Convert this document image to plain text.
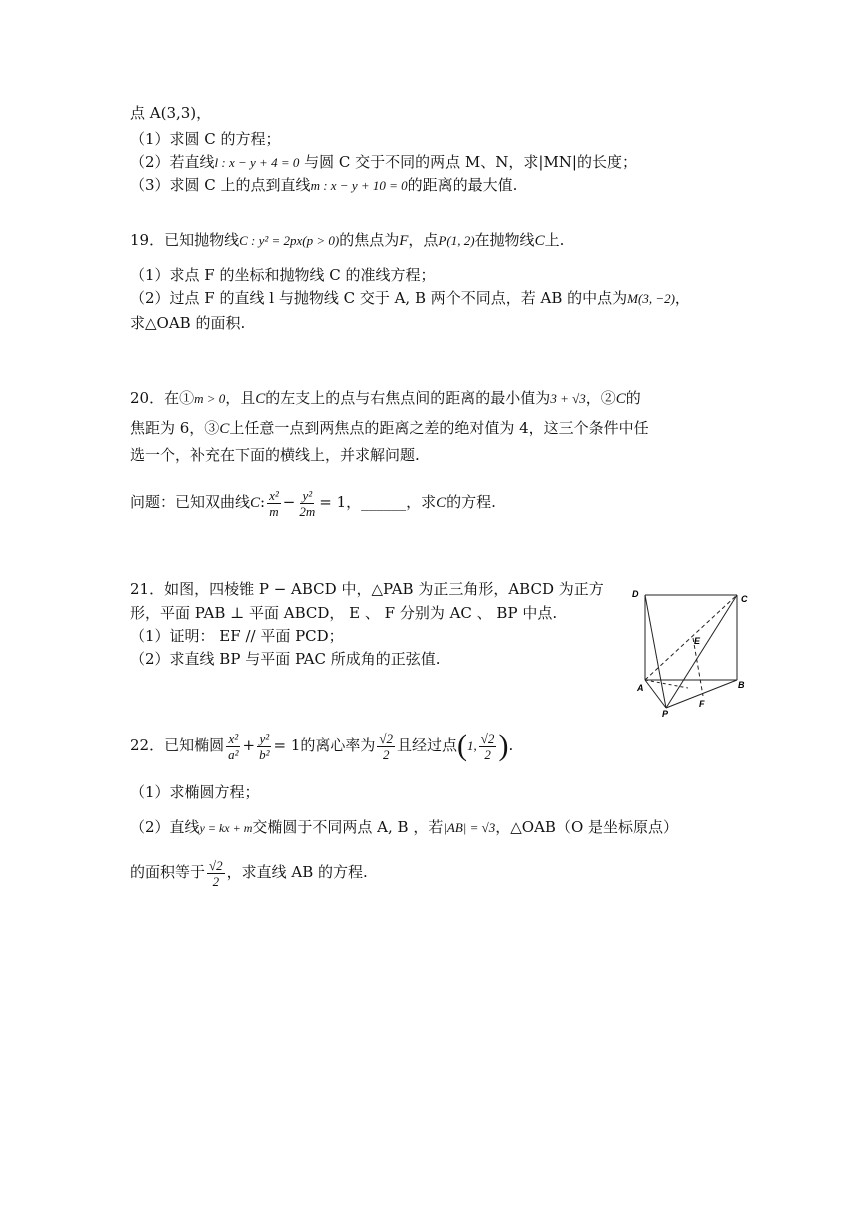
点 A(3,3)，
（1）求圆 C 的方程；
（2）若直线l : x − y + 4 = 0 与圆 C 交于不同的两点 M、N，求|MN|的长度；
（3）求圆 C 上的点到直线m : x − y + 10 = 0的距离的最大值.
19．已知抛物线C : y² = 2px(p > 0)的焦点为F，点P(1, 2)在抛物线C上.
（1）求点 F 的坐标和抛物线 C 的准线方程；
（2）过点 F 的直线 l 与抛物线 C 交于 A, B 两个不同点，若 AB 的中点为M(3, −2)，
求△OAB 的面积.
20．在①m > 0，且C的左支上的点与右焦点间的距离的最小值为3 + √3，②C的
焦距为 6，③C上任意一点到两焦点的距离之差的绝对值为 4，这三个条件中任
选一个，补充在下面的横线上，并求解问题.
问题：已知双曲线C: $\frac{\text{x²}}{m} - \frac{\text{y²}}{2m} = 1$，______，求C的方程.
21．如图，四棱锥 P − ABCD 中，△PAB 为正三角形，ABCD 为正方
形，平面 PAB ⊥ 平面 ABCD， E 、 F 分别为 AC 、 BP 中点.
（1）证明： EF // 平面 PCD；
（2）求直线 BP 与平面 PAC 所成角的正弦值.
D	C
E
A	B
P
F
22．已知椭圆 $\frac{\text{x²}}{\text{a²}} + \frac{\text{y²}}{\text{b²}} = 1$的离心率为 $\frac{√2}{2}$ 且经过点(1, $\frac{√2}{2}$ ).
（1）求椭圆方程；
（2）直线y = kx + m交椭圆于不同两点 A, B ，若|AB| = √3，△OAB（O 是坐标原点）
的面积等于 $\frac{√2}{2}$ ，求直线 AB 的方程.
